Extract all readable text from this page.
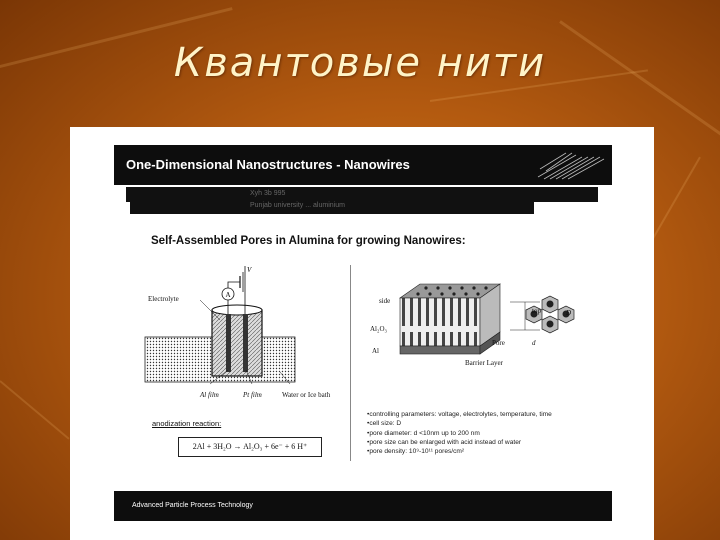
Квантовые нити
One-Dimensional Nanostructures - Nanowires
Xyh 3b 995
Punjab university ... aluminium
Self-Assembled Pores in Alumina for growing Nanowires:
A
V
Electrolyte
Al film	Pt film	Water or Ice bath
anodization reaction:
2Al + 3H₂O → Al₂O₃ + 6e⁻ + 6 H⁺
side
Al₂O₃
Al
Pore
Barrier Layer
top	D
d
• controlling parameters: voltage, electrolytes, temperature, time
• cell size: D
• pore diameter: d <10nm up to 200 nm
• pore size can be enlarged with acid instead of water
• pore density: 10⁹-10¹¹ pores/cm²
Advanced Particle Process Technology
